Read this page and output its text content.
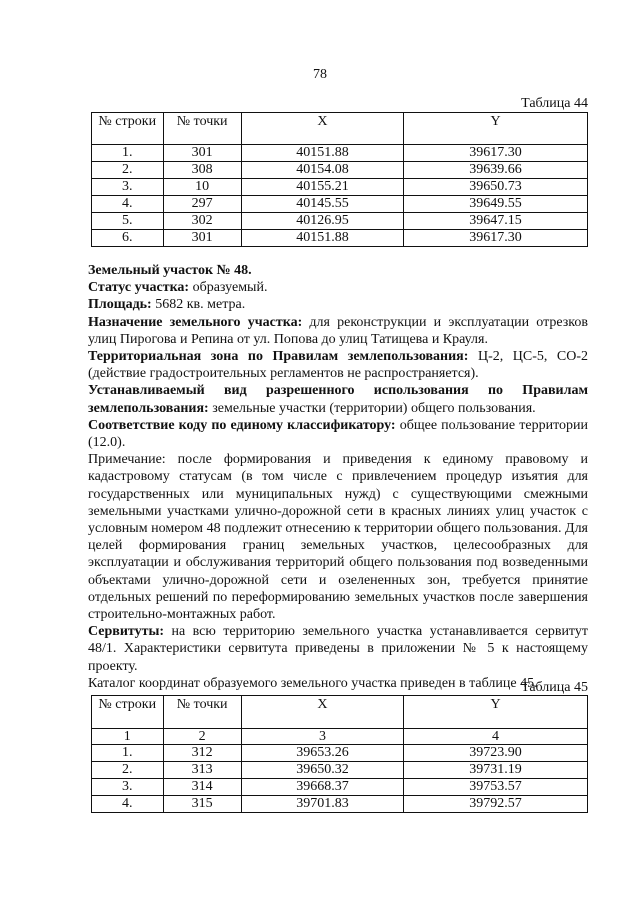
78
Таблица 44
№ строки	№ точки	X	Y
1.	301	40151.88	39617.30
2.	308	40154.08	39639.66
3.	10	40155.21	39650.73
4.	297	40145.55	39649.55
5.	302	40126.95	39647.15
6.	301	40151.88	39617.30

Земельный участок № 48.

Статус участка: образуемый.

Площадь: 5682 кв. метра.

Назначение земельного участка: для реконструкции и эксплуатации отрезков улиц Пирогова и Репина от ул. Попова до улиц Татищева и Крауля.

Территориальная зона по Правилам землепользования: Ц-2, ЦС-5, СО-2 (действие градостроительных регламентов не распространяется).

Устанавливаемый вид разрешенного использования по Правилам землепользования: земельные участки (территории) общего пользования.

Соответствие коду по единому классификатору: общее пользование территории (12.0).

Примечание: после формирования и приведения к единому правовому и кадастровому статусам (в том числе с привлечением процедур изъятия для государственных или муниципальных нужд) с существующими смежными земельными участками улично-дорожной сети в красных линиях улиц участок с условным номером 48 подлежит отнесению к территории общего пользования. Для целей формирования границ земельных участков, целесообразных для эксплуатации и обслуживания территорий общего пользования под возведенными объектами улично-дорожной сети и озелененных зон, требуется принятие отдельных решений по переформированию земельных участков после завершения строительно-монтажных работ.

Сервитуты: на всю территорию земельного участка устанавливается сервитут 48/1. Характеристики сервитута приведены в приложении № 5 к настоящему проекту.

Каталог координат образуемого земельного участка приведен в таблице 45.

Таблица 45
№ строки	№ точки	X	Y
1	2	3	4
1.	312	39653.26	39723.90
2.	313	39650.32	39731.19
3.	314	39668.37	39753.57
4.	315	39701.83	39792.57
